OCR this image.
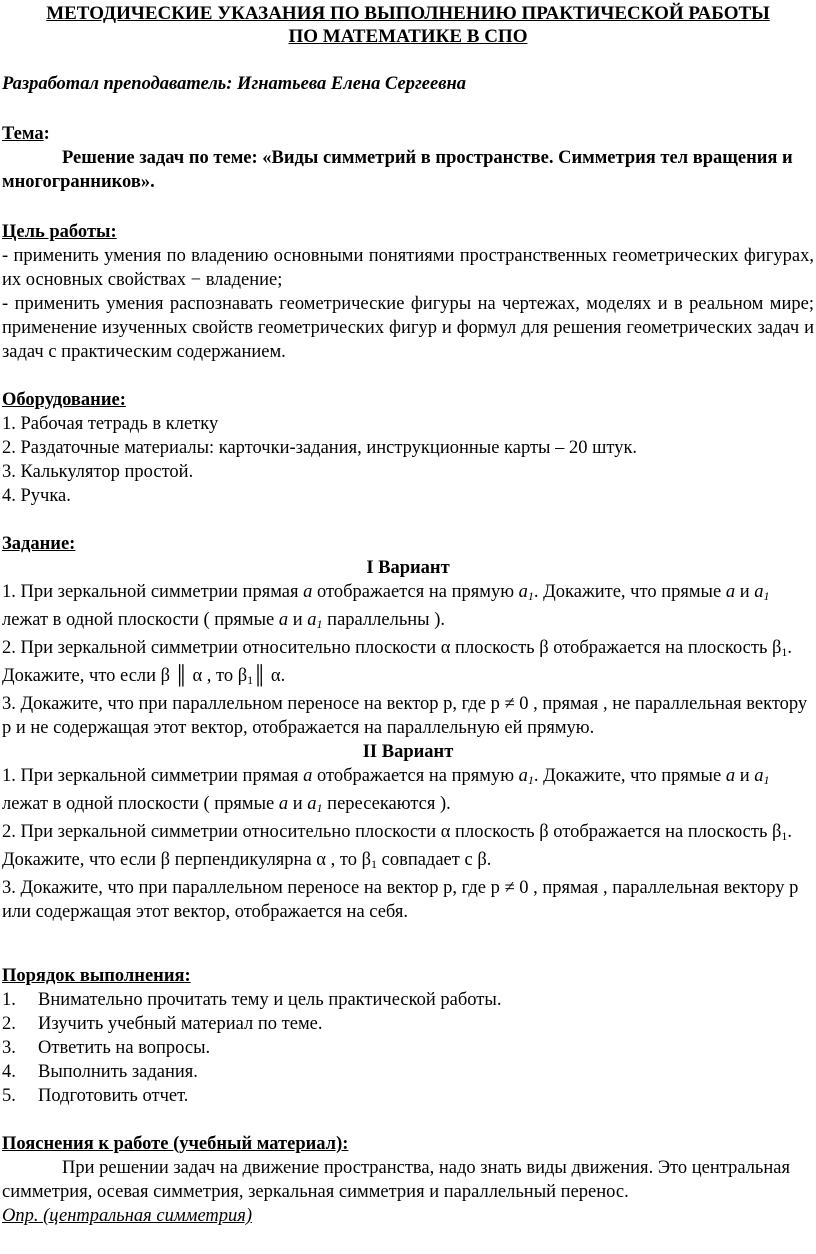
МЕТОДИЧЕСКИЕ УКАЗАНИЯ ПО ВЫПОЛНЕНИЮ ПРАКТИЧЕСКОЙ РАБОТЫ
ПО МАТЕМАТИКЕ В СПО
Разработал преподаватель: Игнатьева Елена Сергеевна
Тема:
Решение задач по теме: «Виды симметрий в пространстве. Симметрия тел вращения и многогранников».
Цель работы:
- применить умения по владению основными понятиями пространственных геометрических фигурах, их основных свойствах − владение;
- применить умения распознавать геометрические фигуры на чертежах, моделях и в реальном мире; применение изученных свойств геометрических фигур и формул для решения геометрических задач и задач с практическим содержанием.
Оборудование:
1. Рабочая тетрадь в клетку
2. Раздаточные материалы: карточки-задания, инструкционные карты – 20 штук.
3. Калькулятор простой.
4. Ручка.
Задание:
I Вариант
1. При зеркальной симметрии прямая a отображается на прямую $a_1$. Докажите, что прямые a и $a_1$ лежат в одной плоскости ( прямые a и $a_1$ параллельны ).
2. При зеркальной симметрии относительно плоскости α плоскость β отображается на плоскость β1. Докажите, что если β ║ α , то β1║ α.
3. Докажите, что при параллельном переносе на вектор р, где р ≠ 0 , прямая , не параллельная вектору р и не содержащая этот вектор, отображается на параллельную ей прямую.
II Вариант
1. При зеркальной симметрии прямая a отображается на прямую $a_1$. Докажите, что прямые a и $a_1$ лежат в одной плоскости ( прямые a и $a_1$ пересекаются ).
2. При зеркальной симметрии относительно плоскости α плоскость β отображается на плоскость β1. Докажите, что если β перпендикулярна α , то β1 совпадает с β.
3. Докажите, что при параллельном переносе на вектор р, где р ≠ 0 , прямая , параллельная вектору р или содержащая этот вектор, отображается на себя.
Порядок выполнения:
1. Внимательно прочитать тему и цель практической работы.
2. Изучить учебный материал по теме.
3. Ответить на вопросы.
4. Выполнить задания.
5. Подготовить отчет.
Пояснения к работе (учебный материал):
При решении задач на движение пространства, надо знать виды движения. Это центральная симметрия, осевая симметрия, зеркальная симметрия и параллельный перенос.
Опр. (центральная симметрия)
